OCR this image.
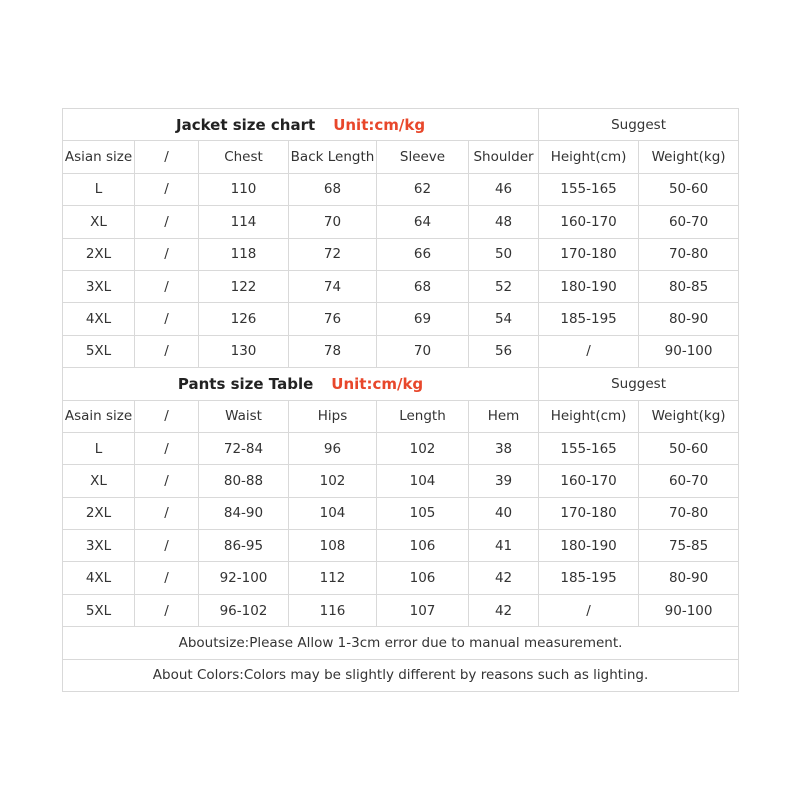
Jacket size chart Unit:cm/kg						Suggest	
Asian size	/	Chest	Back Length	Sleeve	Shoulder	Height(cm)	Weight(kg)
L	/	110	68	62	46	155-165	50-60
XL	/	114	70	64	48	160-170	60-70
2XL	/	118	72	66	50	170-180	70-80
3XL	/	122	74	68	52	180-190	80-85
4XL	/	126	76	69	54	185-195	80-90
5XL	/	130	78	70	56	/	90-100
Pants size Table Unit:cm/kg						Suggest	
Asain size	/	Waist	Hips	Length	Hem	Height(cm)	Weight(kg)
L	/	72-84	96	102	38	155-165	50-60
XL	/	80-88	102	104	39	160-170	60-70
2XL	/	84-90	104	105	40	170-180	70-80
3XL	/	86-95	108	106	41	180-190	75-85
4XL	/	92-100	112	106	42	185-195	80-90
5XL	/	96-102	116	107	42	/	90-100
Aboutsize:Please Allow 1-3cm error due to manual measurement.							
About Colors:Colors may be slightly different by reasons such as lighting.							
